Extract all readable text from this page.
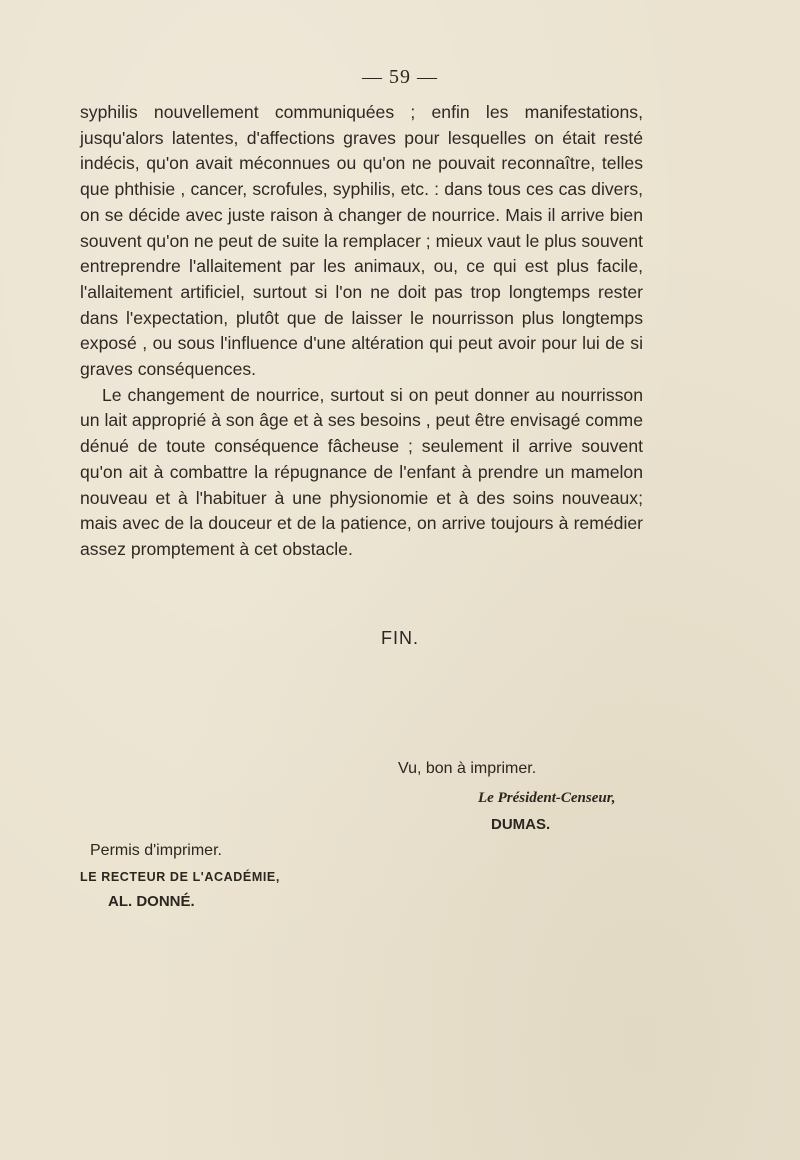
— 59 —

syphilis nouvellement communiquées ; enfin les manifestations, jusqu'alors latentes, d'affections graves pour lesquelles on était resté indécis, qu'on avait méconnues ou qu'on ne pouvait reconnaître, telles que phthisie , cancer, scrofules, syphilis, etc. : dans tous ces cas divers, on se décide avec juste raison à changer de nourrice. Mais il arrive bien souvent qu'on ne peut de suite la remplacer ; mieux vaut le plus souvent entreprendre l'allaitement par les animaux, ou, ce qui est plus facile, l'allaitement artificiel, surtout si l'on ne doit pas trop longtemps rester dans l'expectation, plutôt que de laisser le nourrisson plus longtemps exposé , ou sous l'influence d'une altération qui peut avoir pour lui de si graves conséquences.

Le changement de nourrice, surtout si on peut donner au nourrisson un lait approprié à son âge et à ses besoins , peut être envisagé comme dénué de toute conséquence fâcheuse ; seulement il arrive souvent qu'on ait à combattre la répugnance de l'enfant à prendre un mamelon nouveau et à l'habituer à une physionomie et à des soins nouveaux; mais avec de la douceur et de la patience, on arrive toujours à remédier assez promptement à cet obstacle.

FIN.
Vu, bon à imprimer.
Le Président-Censeur,
DUMAS.
Permis d'imprimer.
LE RECTEUR DE L'ACADÉMIE,
AL. DONNÉ.
